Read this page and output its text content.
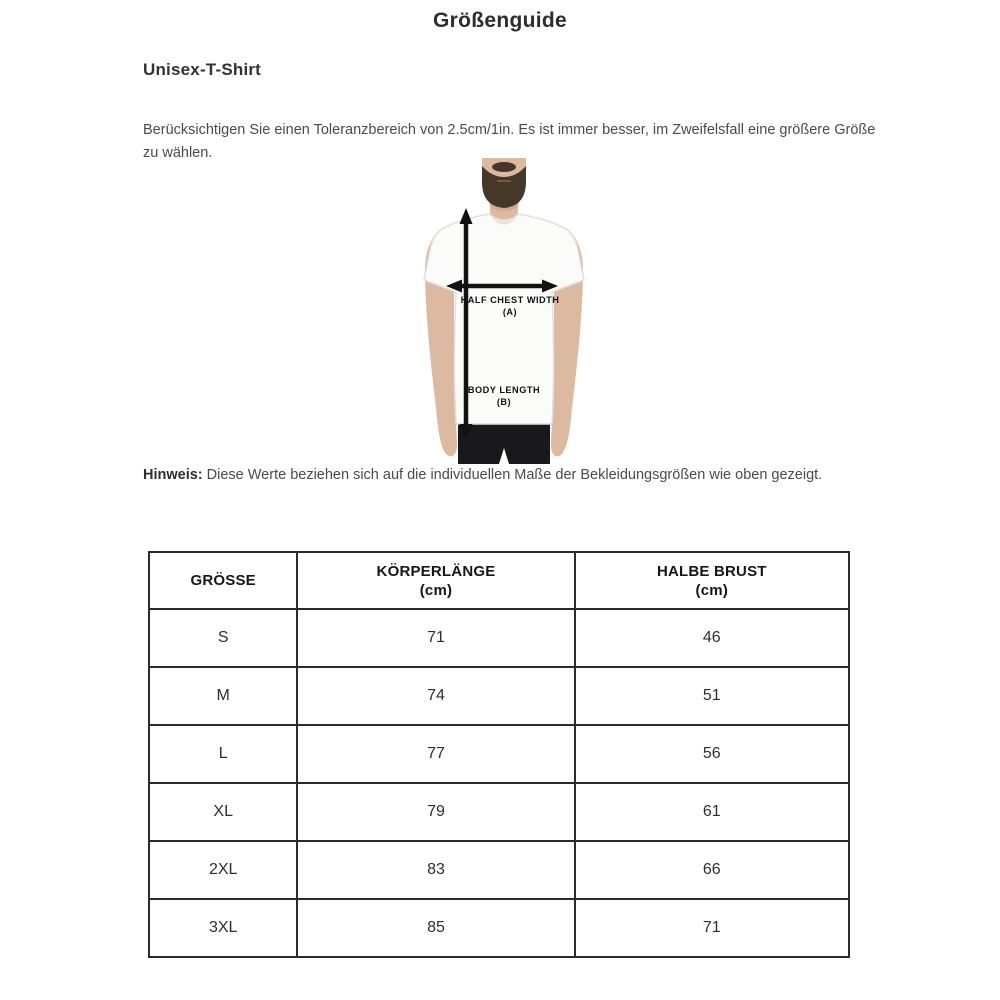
Größenguide
Unisex-T-Shirt
Berücksichtigen Sie einen Toleranzbereich von 2.5cm/1in. Es ist immer besser, im Zweifelsfall eine größere Größe zu wählen.
HALF CHEST WIDTH
(A)
BODY LENGTH
(B)
Hinweis: Diese Werte beziehen sich auf die individuellen Maße der Bekleidungsgrößen wie oben gezeigt.
GRÖSSE

KÖRPERLÄNGE
(cm)

HALBE BRUST
(cm)

S	71	46
M	74	51
L	77	56
XL	79	61
2XL	83	66
3XL	85	71
